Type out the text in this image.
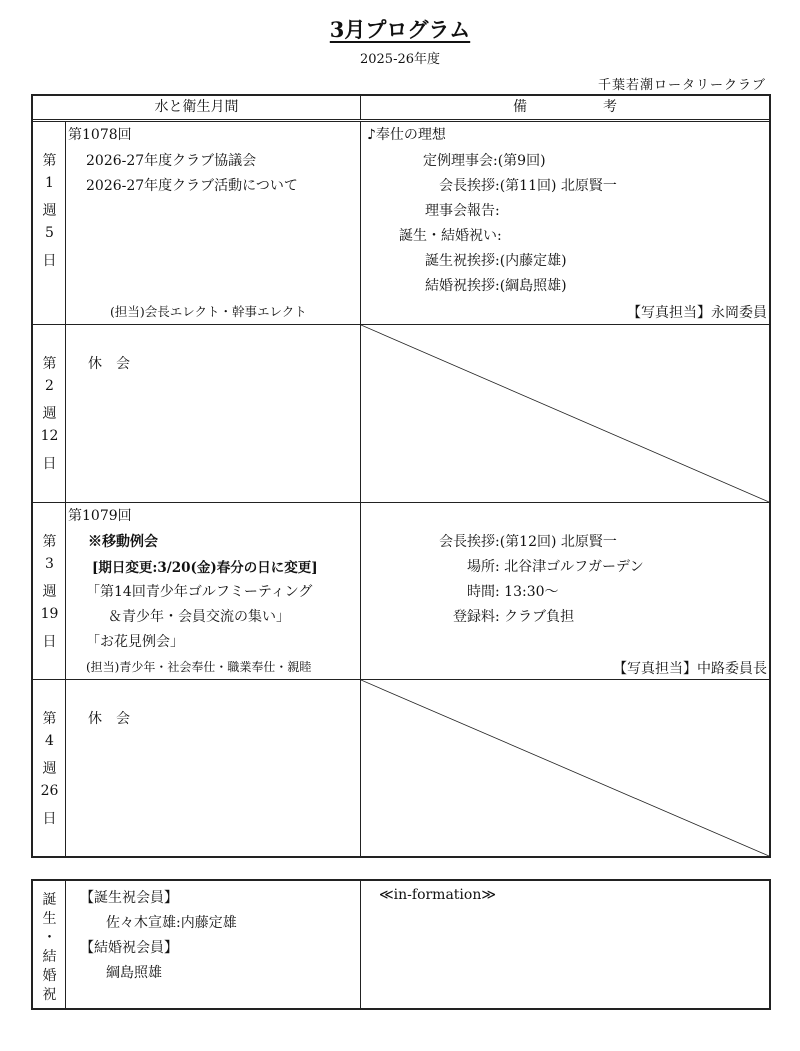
3月プログラム
2025-26年度
千葉若潮ロータリークラブ
水と衛生月間	備	考
第
1
週
5
日
第1078回
2026-27年度クラブ協議会
2026-27年度クラブ活動について
(担当)会長エレクト・幹事エレクト
♪奉仕の理想
定例理事会:(第9回)
会長挨拶:(第11回) 北原賢一
理事会報告:
誕生・結婚祝い:
誕生祝挨拶:(内藤定雄)
結婚祝挨拶:(綱島照雄)
【写真担当】永岡委員
第
2
週
12
日
休　会
第
3
週
19
日
第1079回
※移動例会
[期日変更:3/20(金)春分の日に変更]
「第14回青少年ゴルフミーティング
＆青少年・会員交流の集い」
「お花見例会」
(担当)青少年・社会奉仕・職業奉仕・親睦
会長挨拶:(第12回) 北原賢一
場所: 北谷津ゴルフガーデン
時間: 13:30～
登録料: クラブ負担
【写真担当】中路委員長
第
4
週
26
日
休　会
誕
生
・
結
婚
祝
【誕生祝会員】
佐々木宣雄:内藤定雄
【結婚祝会員】
綱島照雄
≪in-formation≫
